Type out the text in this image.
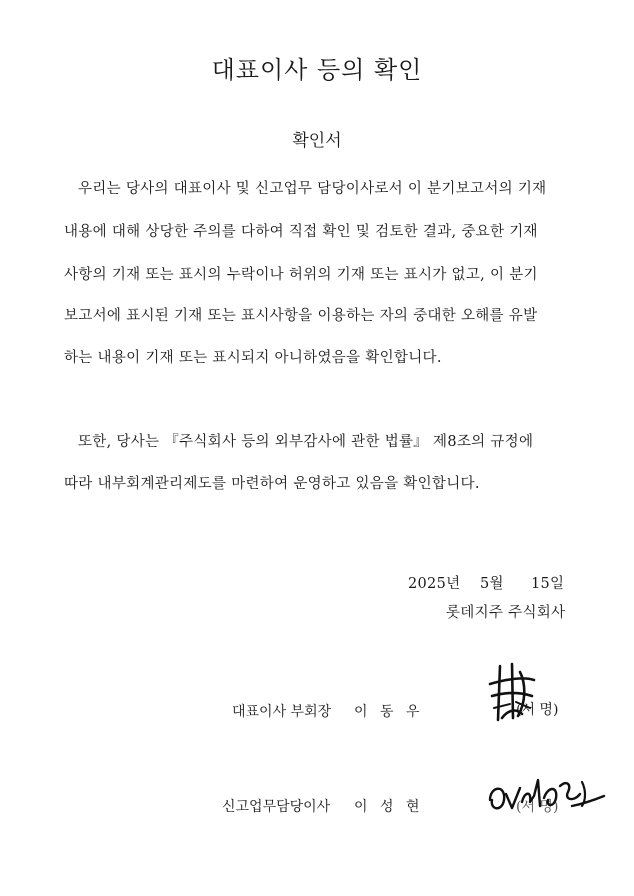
대표이사 등의 확인
확인서
우리는 당사의 대표이사 및 신고업무 담당이사로서 이 분기보고서의 기재
내용에 대해 상당한 주의를 다하여 직접 확인 및 검토한 결과, 중요한 기재
사항의 기재 또는 표시의 누락이나 허위의 기재 또는 표시가 없고, 이 분기
보고서에 표시된 기재 또는 표시사항을 이용하는 자의 중대한 오해를 유발
하는 내용이 기재 또는 표시되지 아니하였음을 확인합니다.
또한, 당사는 『주식회사 등의 외부감사에 관한 법률』 제8조의 규정에
따라 내부회계관리제도를 마련하여 운영하고 있음을 확인합니다.
2025년 5월 15일
롯데지주 주식회사
대표이사 부회장 이 동 우	(서 명)
신고업무담당이사 이 성 현	(서 명)
